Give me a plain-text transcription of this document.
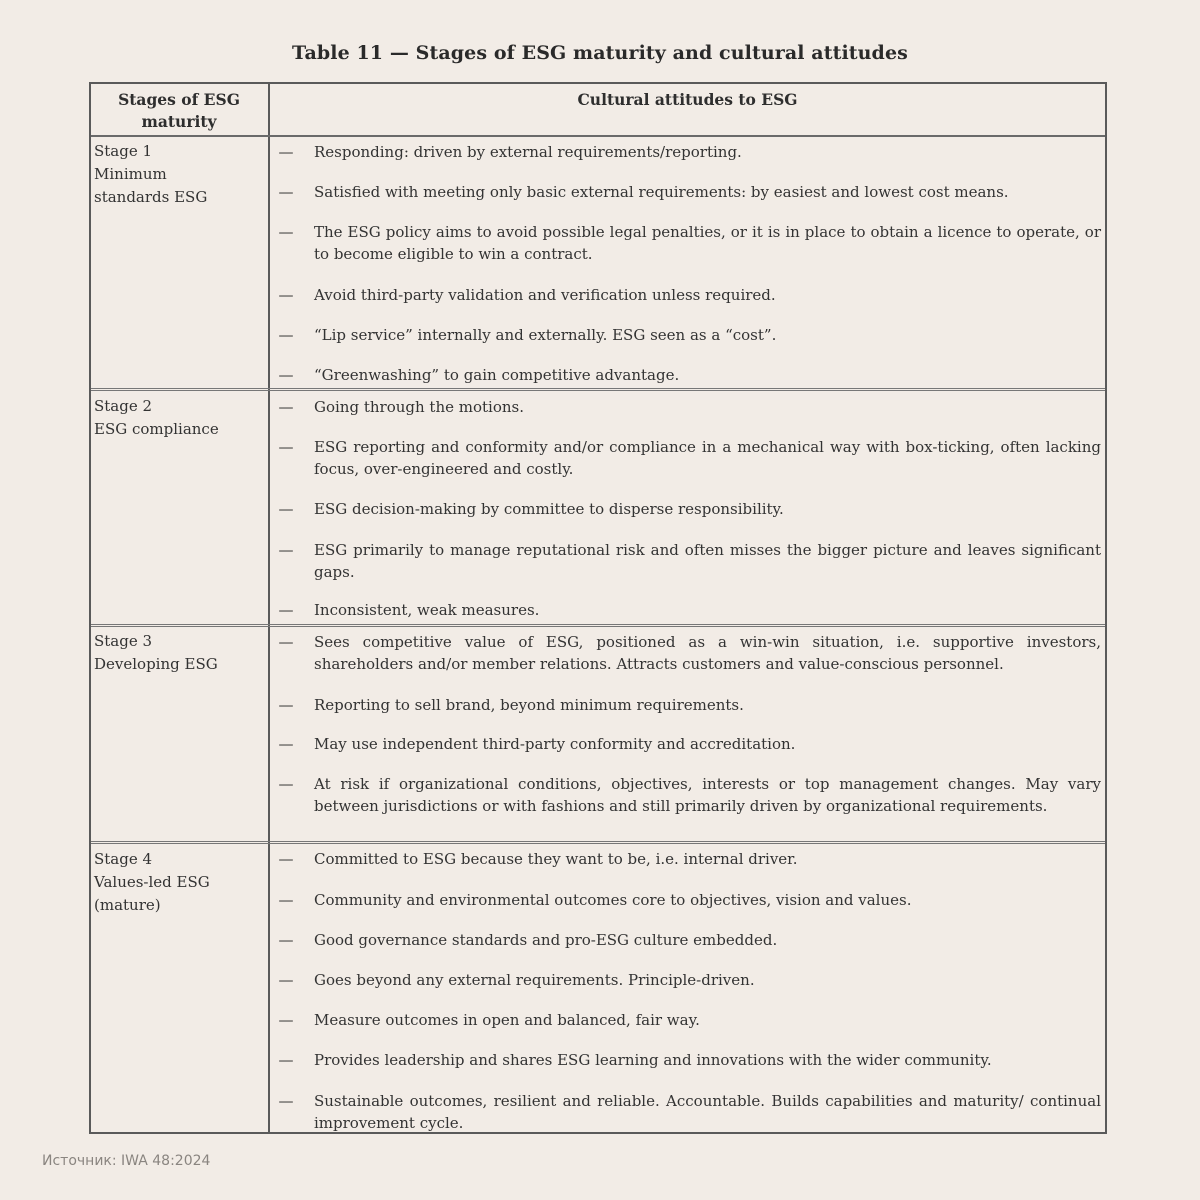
Table 11 — Stages of ESG maturity and cultural attitudes
Stages of ESG maturity
Cultural attitudes to ESG
Stage 1
Minimum standards ESG
— Responding: driven by external requirements/reporting.
— Satisfied with meeting only basic external requirements: by easiest and lowest cost means.
— The ESG policy aims to avoid possible legal penalties, or it is in place to obtain a licence to operate, or to become eligible to win a contract.
— Avoid third-party validation and verification unless required.
— “Lip service” internally and externally. ESG seen as a “cost”.
— “Greenwashing” to gain competitive advantage.
Stage 2
ESG compliance
— Going through the motions.
— ESG reporting and conformity and/or compliance in a mechanical way with box-ticking, often lacking focus, over-engineered and costly.
— ESG decision-making by committee to disperse responsibility.
— ESG primarily to manage reputational risk and often misses the bigger picture and leaves significant gaps.
— Inconsistent, weak measures.
Stage 3
Developing ESG
— Sees competitive value of ESG, positioned as a win-win situation, i.e. supportive investors, shareholders and/or member relations. Attracts customers and value-conscious personnel.
— Reporting to sell brand, beyond minimum requirements.
— May use independent third-party conformity and accreditation.
— At risk if organizational conditions, objectives, interests or top management changes. May vary between jurisdictions or with fashions and still primarily driven by organizational requirements.
Stage 4
Values-led ESG (mature)
— Committed to ESG because they want to be, i.e. internal driver.
— Community and environmental outcomes core to objectives, vision and values.
— Good governance standards and pro-ESG culture embedded.
— Goes beyond any external requirements. Principle-driven.
— Measure outcomes in open and balanced, fair way.
— Provides leadership and shares ESG learning and innovations with the wider community.
— Sustainable outcomes, resilient and reliable. Accountable. Builds capabilities and maturity/ continual improvement cycle.
Источник: IWA 48:2024
